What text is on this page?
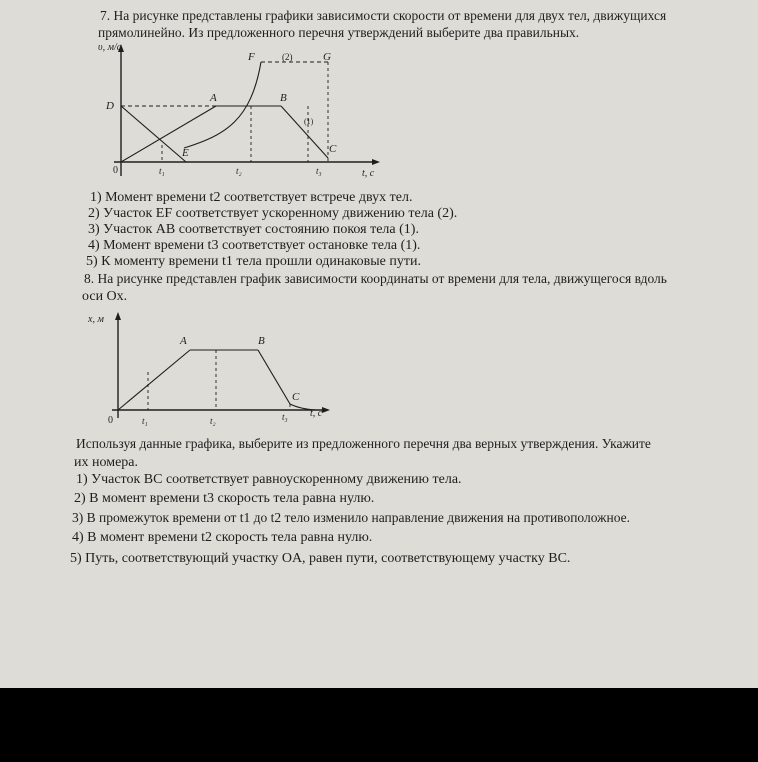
7. На рисунке представлены графики зависимости скорости от времени для двух тел, движущихся
прямолинейно. Из предложенного перечня утверждений выберите два правильных.
υ, м/с
t, с
0
D
A	B
E
F	G
C
(2)
(1)
t₁	t₂	t₃
1) Момент времени t2 соответствует встрече двух тел.
2) Участок EF соответствует ускоренному движению тела (2).
3) Участок AB соответствует состоянию покоя тела (1).
4) Момент времени t3 соответствует остановке тела (1).
5) К моменту времени t1 тела прошли одинаковые пути.
8. На рисунке представлен график зависимости координаты от времени для тела, движущегося вдоль
оси Ox.
x, м
t, с
0
A	B
C
t₁	t₂	t₃
Используя данные графика, выберите из предложенного перечня два верных утверждения. Укажите
их номера.
1) Участок BC соответствует равноускоренному движению тела.
2) В момент времени t3 скорость тела равна нулю.
3) В промежуток времени от t1 до t2 тело изменило направление движения на противоположное.
4) В момент времени t2 скорость тела равна нулю.
5) Путь, соответствующий участку OA, равен пути, соответствующему участку BC.
